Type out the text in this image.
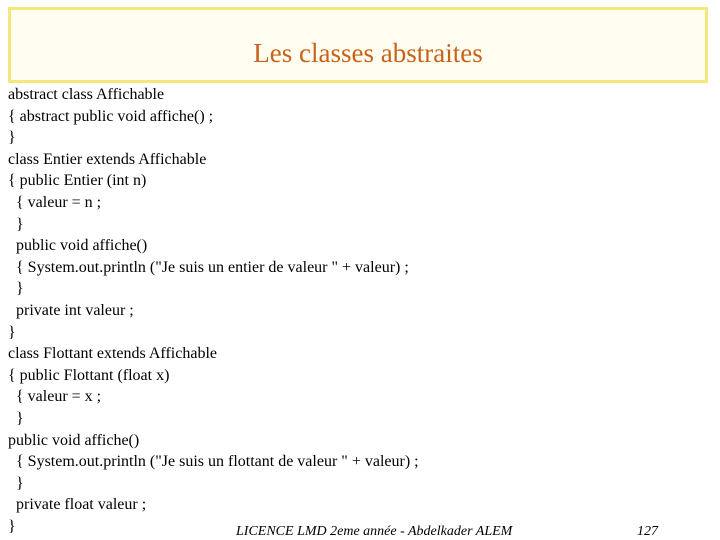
Les classes abstraites
abstract class Affichable
{ abstract public void affiche() ;
}
class Entier extends Affichable
{ public Entier (int n)
{ valeur = n ;
}
public void affiche()
{ System.out.println ("Je suis un entier de valeur " + valeur) ;
}
private int valeur ;
}
class Flottant extends Affichable
{ public Flottant (float x)
{ valeur = x ;
}
public void affiche()
{ System.out.println ("Je suis un flottant de valeur " + valeur) ;
}
private float valeur ;
}	LICENCE LMD 2eme année - Abdelkader ALEM	127
